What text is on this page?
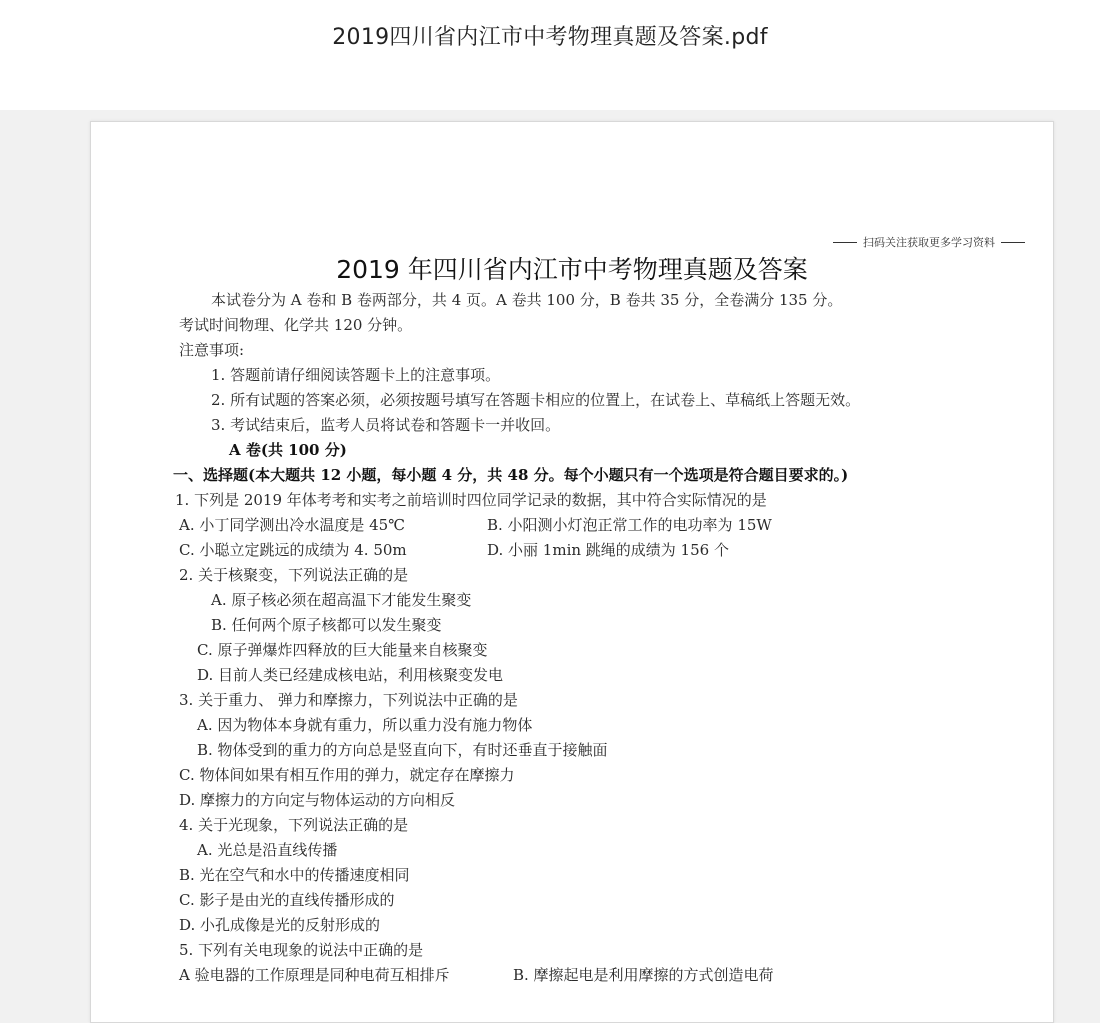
2019四川省内江市中考物理真题及答案.pdf
扫码关注获取更多学习资料
2019 年四川省内江市中考物理真题及答案
本试卷分为 A 卷和 B 卷两部分，共 4 页。A 卷共 100 分，B 卷共 35 分，全卷满分 135 分。
考试时间物理、化学共 120 分钟。
注意事项:
1. 答题前请仔细阅读答题卡上的注意事项。
2. 所有试题的答案必须，必须按题号填写在答题卡相应的位置上，在试卷上、草稿纸上答题无效。
3. 考试结束后，监考人员将试卷和答题卡一并收回。
A 卷(共 100 分)
一、选择题(本大题共 12 小题，每小题 4 分，共 48 分。每个小题只有一个选项是符合题目要求的。)
1. 下列是 2019 年体考考和实考之前培训时四位同学记录的数据，其中符合实际情况的是
A. 小丁同学测出冷水温度是 45℃	B. 小阳测小灯泡正常工作的电功率为 15W
C. 小聪立定跳远的成绩为 4. 50m	D. 小丽 1min 跳绳的成绩为 156 个
2. 关于核聚变，下列说法正确的是
A. 原子核必须在超高温下才能发生聚变
B. 任何两个原子核都可以发生聚变
C. 原子弹爆炸四释放的巨大能量来自核聚变
D. 目前人类已经建成核电站，利用核聚变发电
3. 关于重力、 弹力和摩擦力，下列说法中正确的是
A. 因为物体本身就有重力，所以重力没有施力物体
B. 物体受到的重力的方向总是竖直向下，有时还垂直于接触面
C. 物体间如果有相互作用的弹力，就定存在摩擦力
D. 摩擦力的方向定与物体运动的方向相反
4. 关于光现象，下列说法正确的是
A. 光总是沿直线传播
B. 光在空气和水中的传播速度相同
C. 影子是由光的直线传播形成的
D. 小孔成像是光的反射形成的
5. 下列有关电现象的说法中正确的是
A 验电器的工作原理是同种电荷互相排斥	B. 摩擦起电是利用摩擦的方式创造电荷
